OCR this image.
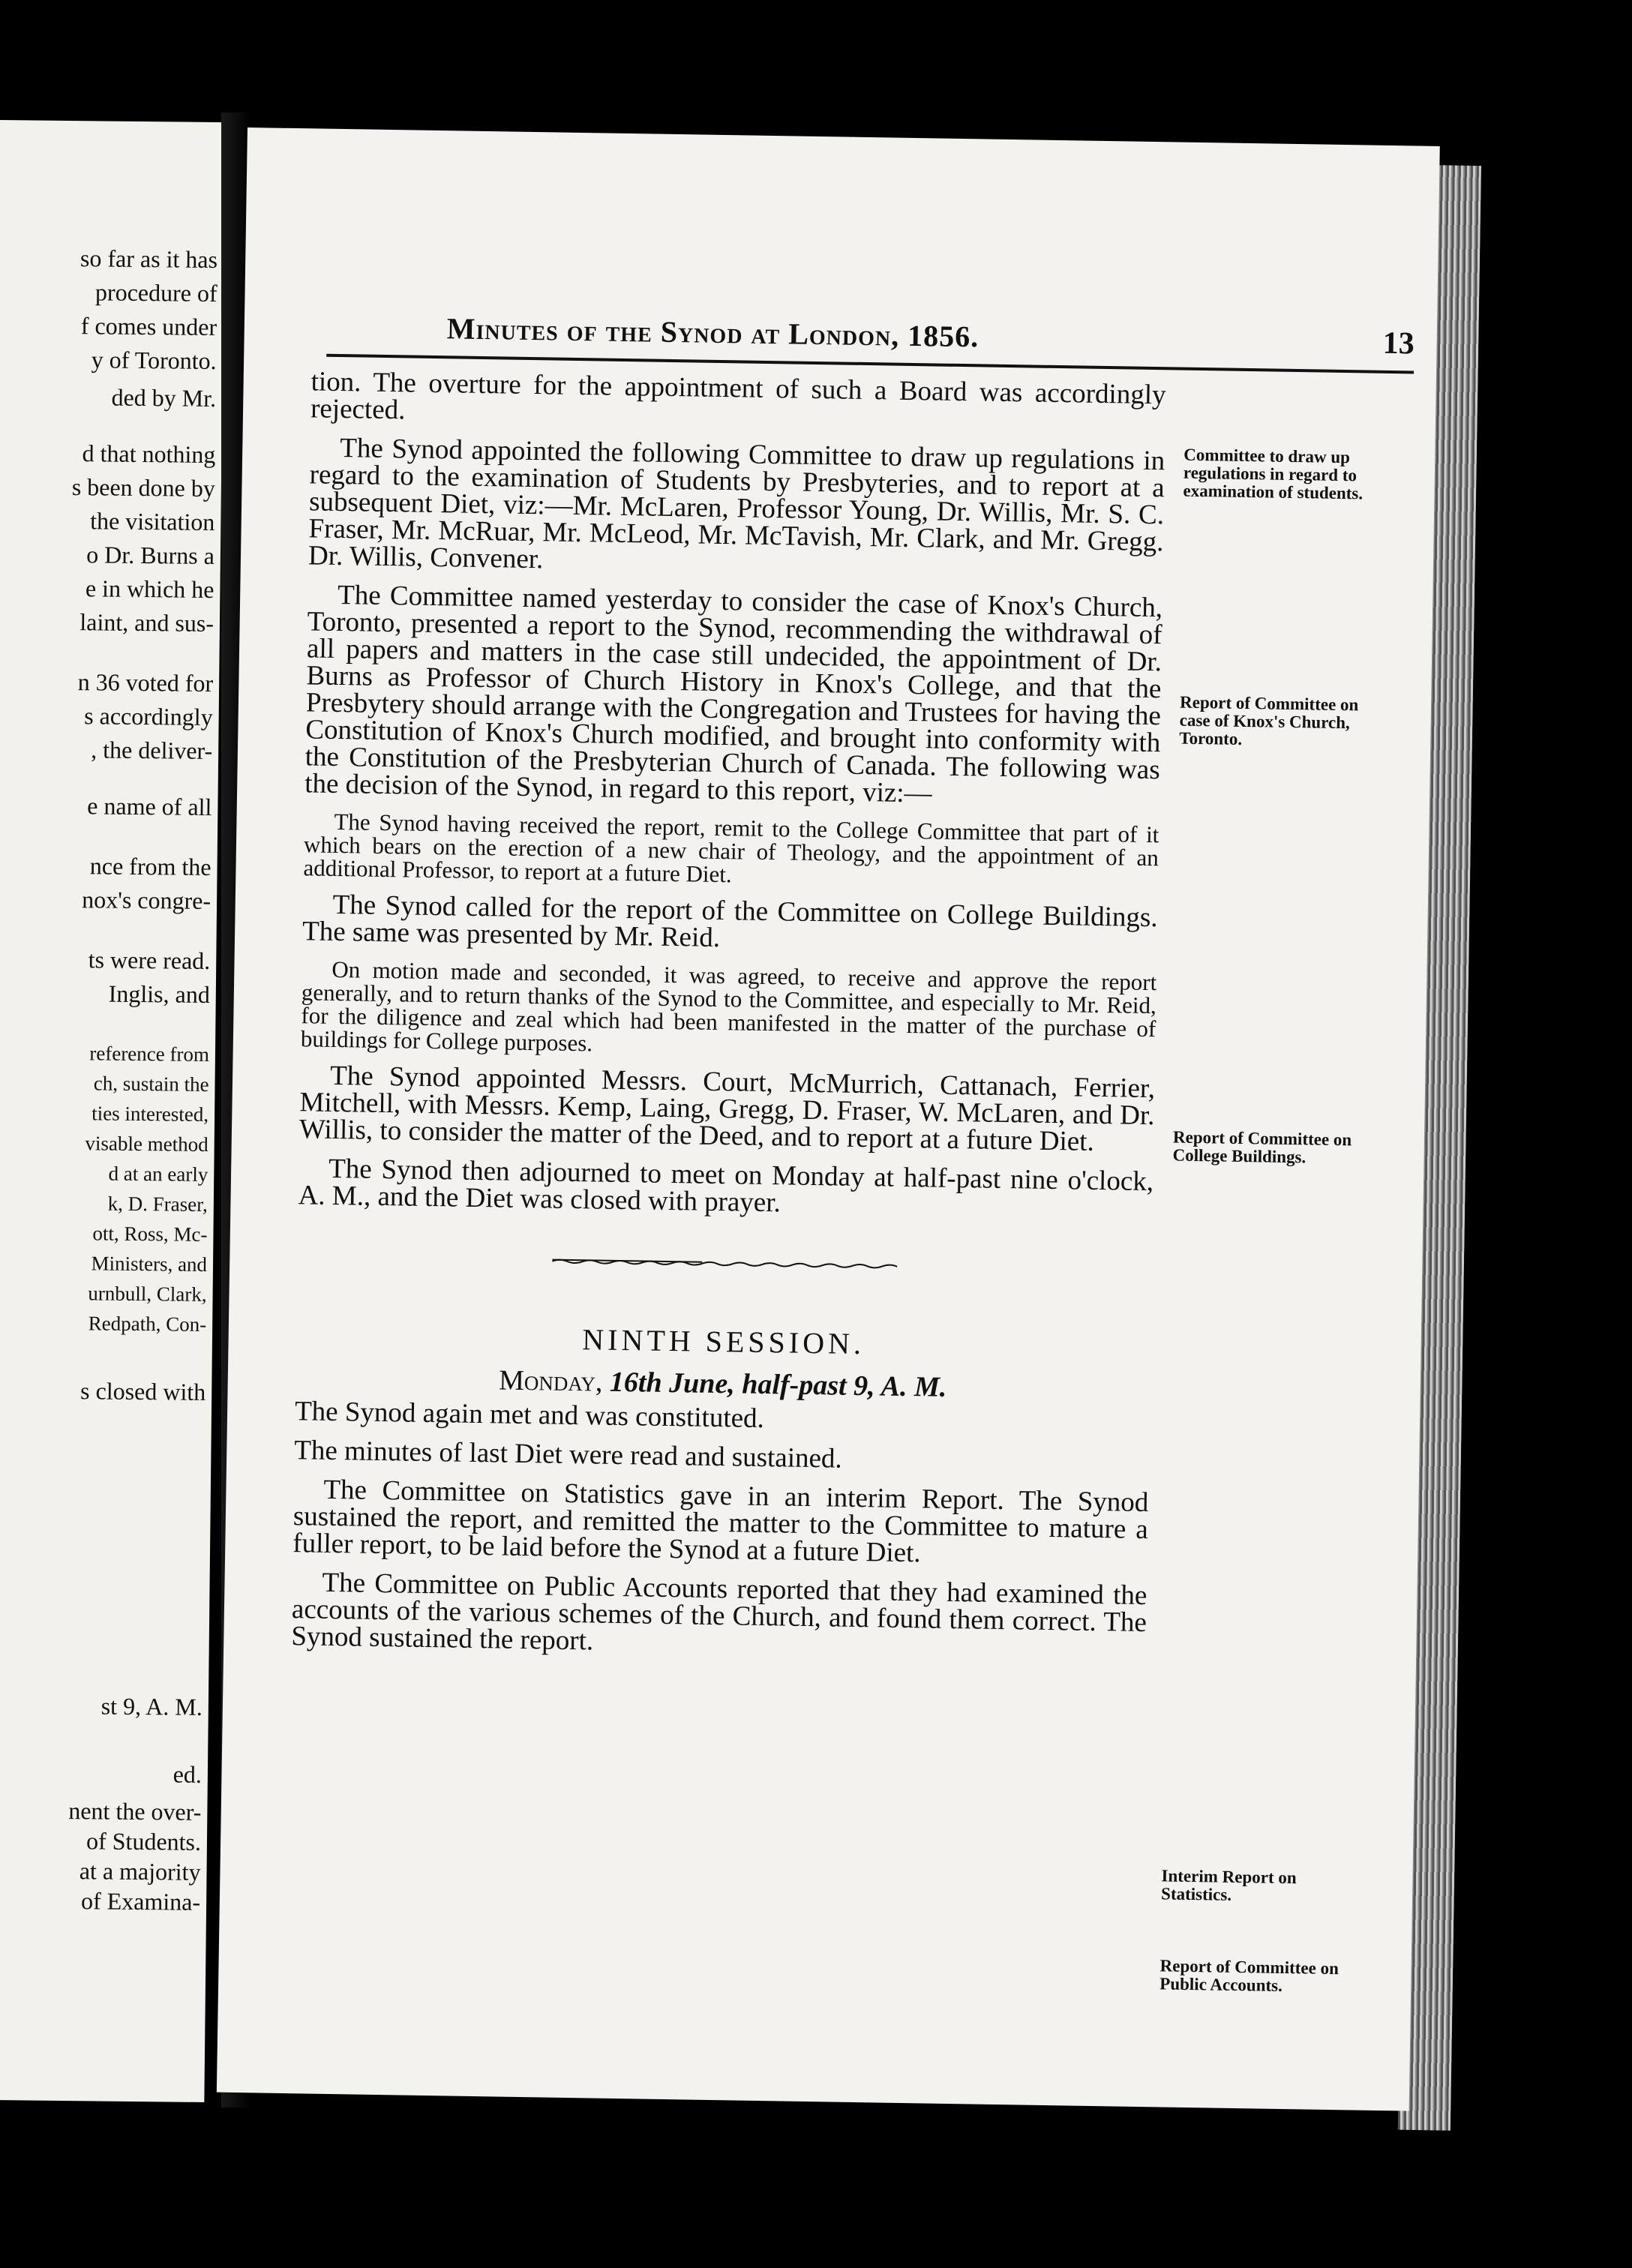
so far as it has
procedure of
f comes under
y of Toronto.
ded by Mr.
d that nothing
s been done by
the visitation
o Dr. Burns a
e in which he
laint, and sus-
n 36 voted for
s accordingly
, the deliver-
e name of all
nce from the
nox's congre-
ts were read.
Inglis, and
reference from
ch, sustain the
ties interested,
visable method
d at an early
k, D. Fraser,
ott, Ross, Mc-
Ministers, and
urnbull, Clark,
Redpath, Con-
s closed with
st 9, A. M.
ed.
nent the over-
of Students.
at a majority
of Examina-
Minutes of the Synod at London, 1856.	13

tion. The overture for the appointment of such a Board was accordingly rejected.

The Synod appointed the following Committee to draw up regulations in regard to the examination of Students by Presbyteries, and to report at a subsequent Diet, viz:—Mr. McLaren, Professor Young, Dr. Willis, Mr. S. C. Fraser, Mr. McRuar, Mr. McLeod, Mr. McTavish, Mr. Clark, and Mr. Gregg. Dr. Willis, Convener.

The Committee named yesterday to consider the case of Knox's Church, Toronto, presented a report to the Synod, recommending the withdrawal of all papers and matters in the case still undecided, the appointment of Dr. Burns as Professor of Church History in Knox's College, and that the Presbytery should arrange with the Congregation and Trustees for having the Constitution of Knox's Church modified, and brought into conformity with the Constitution of the Presbyterian Church of Canada. The following was the decision of the Synod, in regard to this report, viz:—

The Synod having received the report, remit to the College Committee that part of it which bears on the erection of a new chair of Theology, and the appointment of an additional Professor, to report at a future Diet.

The Synod called for the report of the Committee on College Buildings. The same was presented by Mr. Reid.

On motion made and seconded, it was agreed, to receive and approve the report generally, and to return thanks of the Synod to the Committee, and especially to Mr. Reid, for the diligence and zeal which had been manifested in the matter of the purchase of buildings for College purposes.

The Synod appointed Messrs. Court, McMurrich, Cattanach, Ferrier, Mitchell, with Messrs. Kemp, Laing, Gregg, D. Fraser, W. McLaren, and Dr. Willis, to consider the matter of the Deed, and to report at a future Diet.

The Synod then adjourned to meet on Monday at half-past nine o'clock, A. M., and the Diet was closed with prayer.

NINTH SESSION.

Monday, 16th June, half-past 9, A. M.

The Synod again met and was constituted.

The minutes of last Diet were read and sustained.

The Committee on Statistics gave in an interim Report. The Synod sustained the report, and remitted the matter to the Committee to mature a fuller report, to be laid before the Synod at a future Diet.

The Committee on Public Accounts reported that they had examined the accounts of the various schemes of the Church, and found them correct. The Synod sustained the report.

Committee to draw up regulations in regard to examination of students.
Report of Committee on case of Knox's Church, Toronto.
Report of Committee on College Buildings.
Interim Report on Statistics.
Report of Committee on Public Accounts.
